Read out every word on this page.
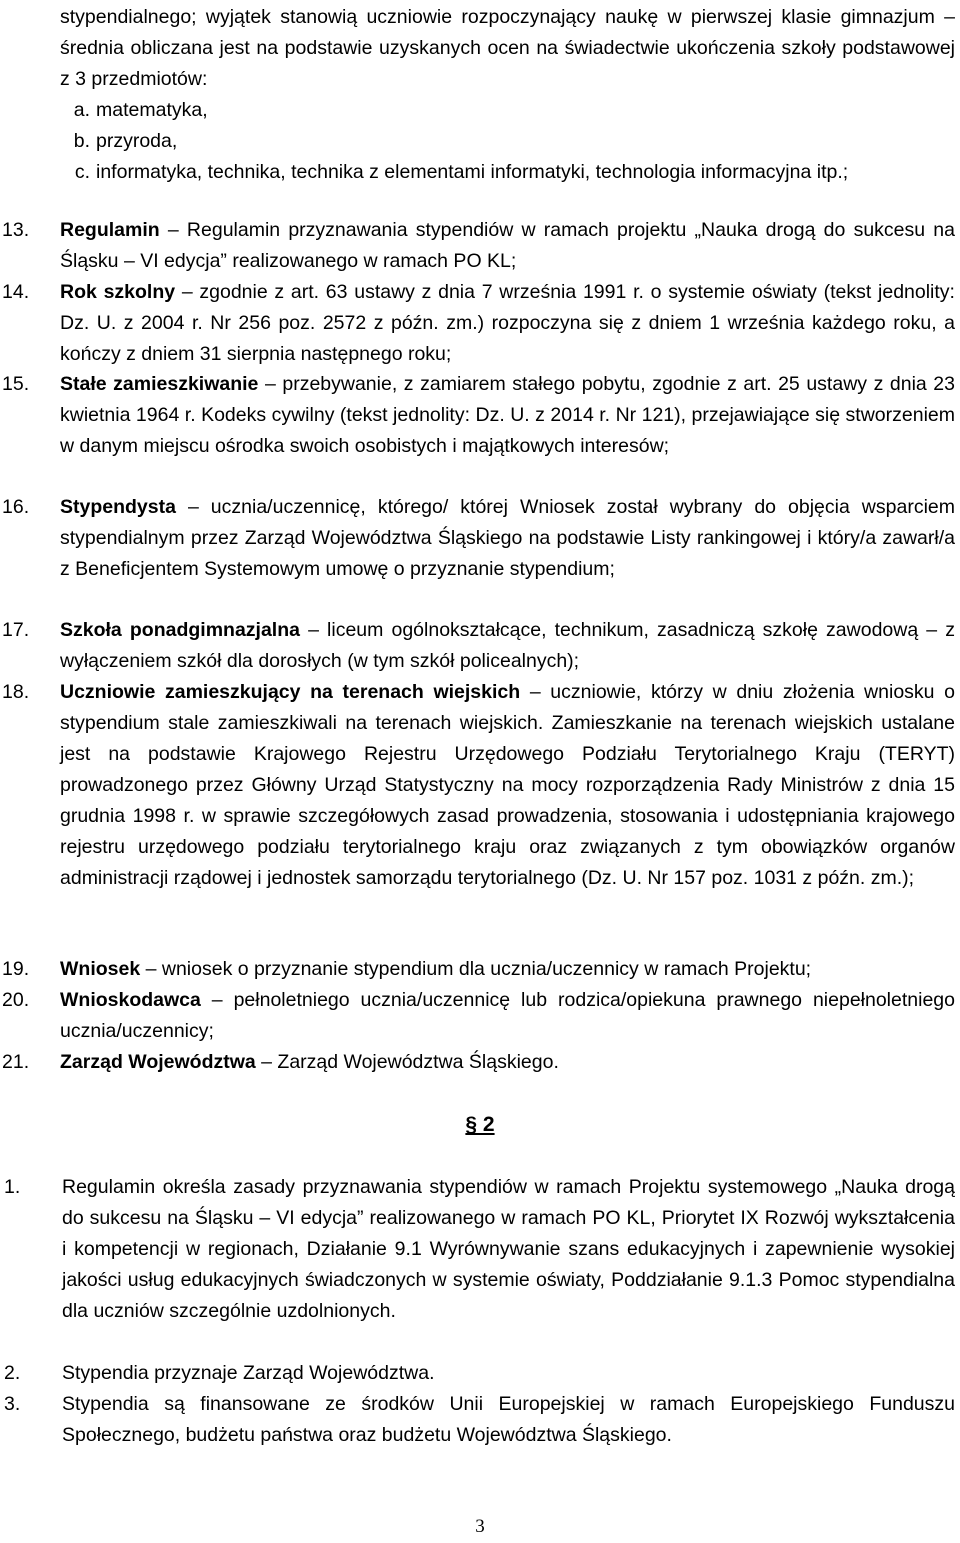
stypendialnego; wyjątek stanowią uczniowie rozpoczynający naukę w pierwszej klasie gimnazjum – średnia obliczana jest na podstawie uzyskanych ocen na świadectwie ukończenia szkoły podstawowej z 3 przedmiotów:
a. matematyka,
b. przyroda,
c. informatyka, technika, technika z elementami informatyki, technologia informacyjna itp.;
13.	Regulamin – Regulamin przyznawania stypendiów w ramach projektu „Nauka drogą do sukcesu na Śląsku – VI edycja” realizowanego w ramach PO KL;
14.	Rok szkolny – zgodnie z art. 63 ustawy z dnia 7 września 1991 r. o systemie oświaty (tekst jednolity: Dz. U. z 2004 r. Nr 256 poz. 2572 z późn. zm.) rozpoczyna się z dniem 1 września każdego roku, a kończy z dniem 31 sierpnia następnego roku;
15.	Stałe zamieszkiwanie – przebywanie, z zamiarem stałego pobytu, zgodnie z art. 25 ustawy z dnia 23 kwietnia 1964 r. Kodeks cywilny (tekst jednolity: Dz. U. z 2014 r. Nr 121), przejawiające się stworzeniem w danym miejscu ośrodka swoich osobistych i majątkowych interesów;
16.	Stypendysta – ucznia/uczennicę, którego/ której Wniosek został wybrany do objęcia wsparciem stypendialnym przez Zarząd Województwa Śląskiego na podstawie Listy rankingowej i który/a zawarł/a z Beneficjentem Systemowym umowę o przyznanie stypendium;
17.	Szkoła ponadgimnazjalna – liceum ogólnokształcące, technikum, zasadniczą szkołę zawodową – z wyłączeniem szkół dla dorosłych (w tym szkół policealnych);
18.	Uczniowie zamieszkujący na terenach wiejskich – uczniowie, którzy w dniu złożenia wniosku o stypendium stale zamieszkiwali na terenach wiejskich. Zamieszkanie na terenach wiejskich ustalane jest na podstawie Krajowego Rejestru Urzędowego Podziału Terytorialnego Kraju (TERYT) prowadzonego przez Główny Urząd Statystyczny na mocy rozporządzenia Rady Ministrów z dnia 15 grudnia 1998 r. w sprawie szczegółowych zasad prowadzenia, stosowania i udostępniania krajowego rejestru urzędowego podziału terytorialnego kraju oraz związanych z tym obowiązków organów administracji rządowej i jednostek samorządu terytorialnego (Dz. U. Nr 157 poz. 1031 z późn. zm.);
19.	Wniosek – wniosek o przyznanie stypendium dla ucznia/uczennicy w ramach Projektu;
20.	Wnioskodawca – pełnoletniego ucznia/uczennicę lub rodzica/opiekuna prawnego niepełnoletniego ucznia/uczennicy;
21.	Zarząd Województwa – Zarząd Województwa Śląskiego.
§ 2
1.	Regulamin określa zasady przyznawania stypendiów w ramach Projektu systemowego „Nauka drogą do sukcesu na Śląsku – VI edycja” realizowanego w ramach PO KL, Priorytet IX Rozwój wykształcenia i kompetencji w regionach, Działanie 9.1 Wyrównywanie szans edukacyjnych i zapewnienie wysokiej jakości usług edukacyjnych świadczonych w systemie oświaty, Poddziałanie 9.1.3 Pomoc stypendialna dla uczniów szczególnie uzdolnionych.
2.	Stypendia przyznaje Zarząd Województwa.
3.	Stypendia są finansowane ze środków Unii Europejskiej w ramach Europejskiego Funduszu Społecznego, budżetu państwa oraz budżetu Województwa Śląskiego.
3
